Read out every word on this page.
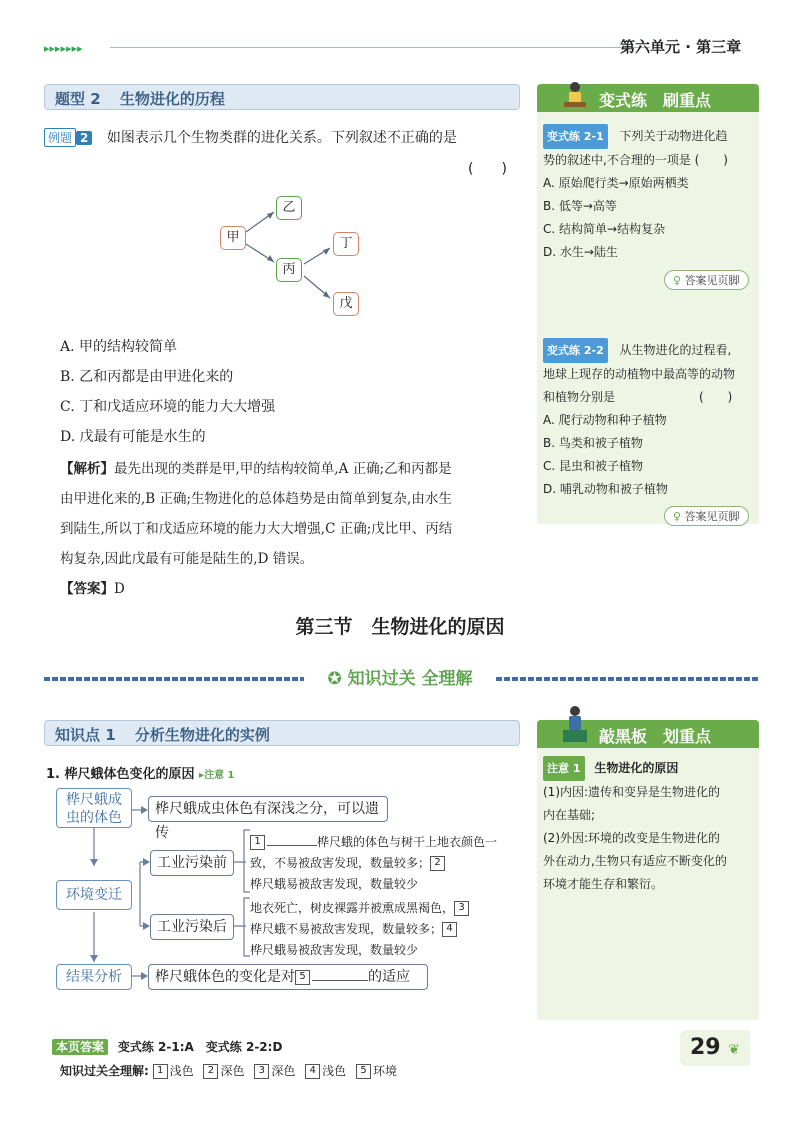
▸▸▸▸▸▸▸	第六单元 · 第三章
题型 2 生物进化的历程
例题 2 如图表示几个生物类群的进化关系。下列叙述不正确的是
(　　)
甲
乙
丙
丁
戊
A. 甲的结构较简单
B. 乙和丙都是由甲进化来的
C. 丁和戊适应环境的能力大大增强
D. 戊最有可能是水生的
【解析】最先出现的类群是甲,甲的结构较简单,A 正确;乙和丙都是
由甲进化来的,B 正确;生物进化的总体趋势是由简单到复杂,由水生
到陆生,所以丁和戊适应环境的能力大大增强,C 正确;戊比甲、丙结
构复杂,因此戊最有可能是陆生的,D 错误。
【答案】D
变式练　刷重点
变式练 2-1 下列关于动物进化趋
势的叙述中,不合理的一项是 (　　)
A. 原始爬行类→原始两栖类
B. 低等→高等
C. 结构简单→结构复杂
D. 水生→陆生
♀ 答案见页脚
变式练 2-2 从生物进化的过程看,
地球上现存的动植物中最高等的动物
和植物分别是　　　　　　　(　　)
A. 爬行动物和种子植物
B. 鸟类和被子植物
C. 昆虫和被子植物
D. 哺乳动物和被子植物
♀ 答案见页脚
第三节　生物进化的原因
✪ 知识过关 全理解
知识点 1 分析生物进化的实例
1. 桦尺蛾体色变化的原因 ▸注意 1
桦尺蛾成
虫的体色
桦尺蛾成虫体色有深浅之分，可以遗传
环境变迁
工业污染前
1	桦尺蛾的体色与树干上地衣颜色一
致，不易被敌害发现，数量较多； 2
桦尺蛾易被敌害发现，数量较少
工业污染后
地衣死亡，树皮裸露并被熏成黑褐色， 3
桦尺蛾不易被敌害发现，数量较多； 4
桦尺蛾易被敌害发现，数量较少
结果分析	桦尺蛾体色的变化是对 5	的适应
敲黑板　划重点
注意 1 生物进化的原因
(1)内因:遗传和变异是生物进化的
内在基础;
(2)外因:环境的改变是生物进化的
外在动力,生物只有适应不断变化的
环境才能生存和繁衍。
本页答案 变式练 2-1:A　变式练 2-2:D
知识过关全理解: 1 浅色 2 深色 3 深色 4 浅色 5 环境
29 ❦
